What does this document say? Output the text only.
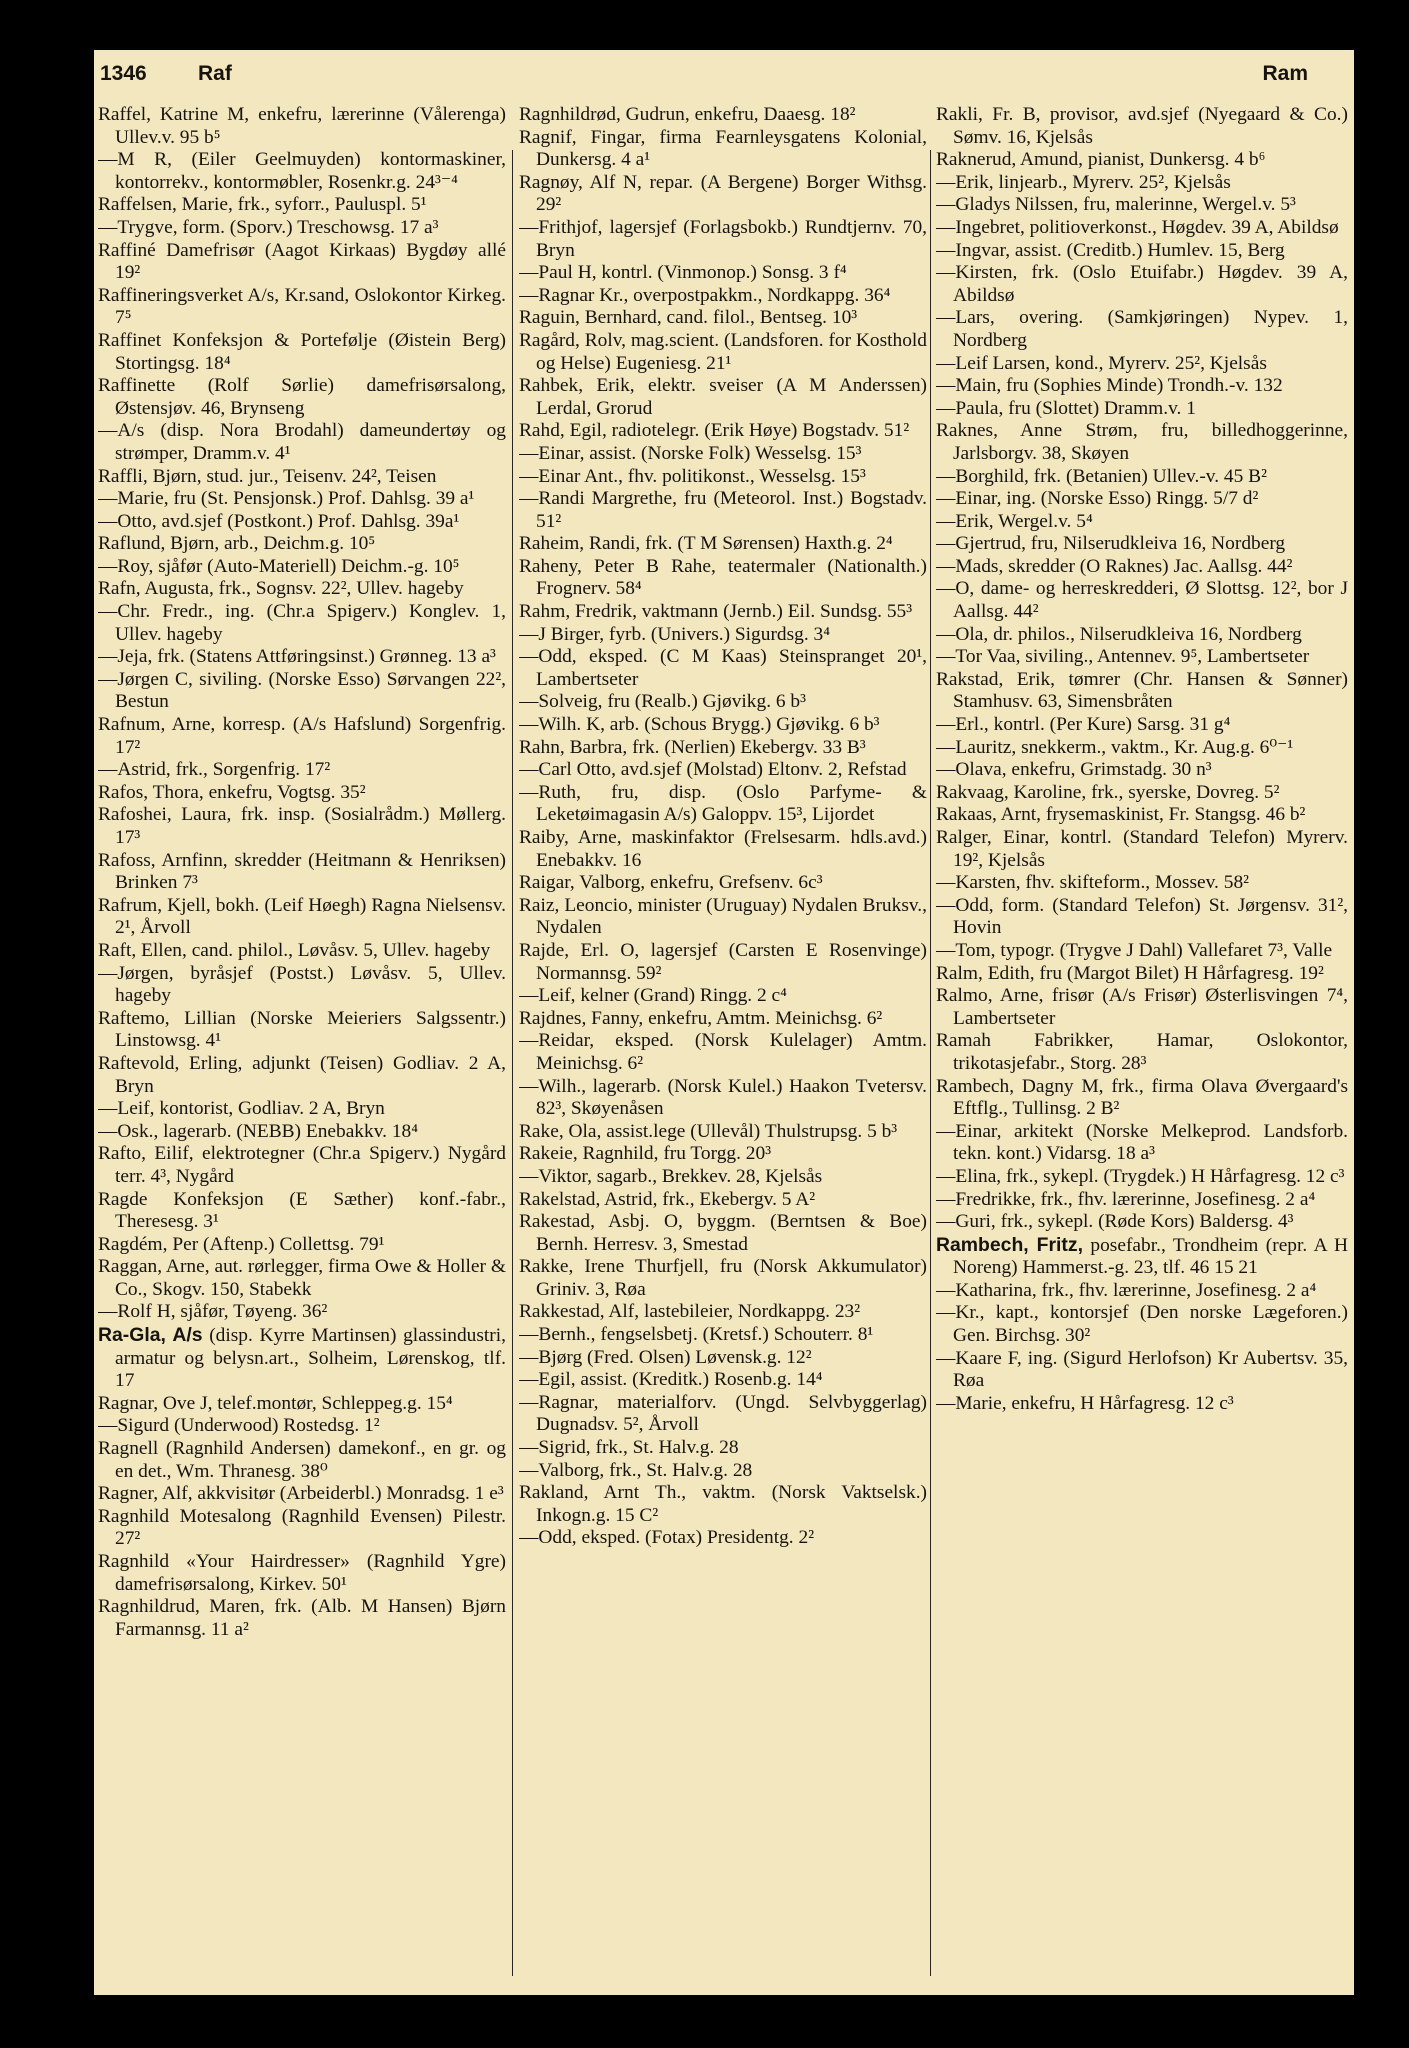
1346 Raf	Ram

Raffel, Katrine M, enkefru, lærerinne (Vålerenga) Ullev.v. 95 b⁵

—M R, (Eiler Geelmuyden) kontormaskiner, kontorrekv., kontormøbler, Rosenkr.g. 24³⁻⁴

Raffelsen, Marie, frk., syforr., Pauluspl. 5¹

—Trygve, form. (Sporv.) Treschowsg. 17 a³

Raffiné Damefrisør (Aagot Kirkaas) Bygdøy allé 19²

Raffineringsverket A/s, Kr.sand, Oslokontor Kirkeg. 7⁵

Raffinet Konfeksjon & Portefølje (Øistein Berg) Stortingsg. 18⁴

Raffinette (Rolf Sørlie) damefrisørsalong, Østensjøv. 46, Brynseng

—A/s (disp. Nora Brodahl) dameundertøy og strømper, Dramm.v. 4¹

Raffli, Bjørn, stud. jur., Teisenv. 24², Teisen

—Marie, fru (St. Pensjonsk.) Prof. Dahlsg. 39 a¹

—Otto, avd.sjef (Postkont.) Prof. Dahlsg. 39a¹

Raflund, Bjørn, arb., Deichm.g. 10⁵

—Roy, sjåfør (Auto-Materiell) Deichm.-g. 10⁵

Rafn, Augusta, frk., Sognsv. 22², Ullev. hageby

—Chr. Fredr., ing. (Chr.a Spigerv.) Konglev. 1, Ullev. hageby

—Jeja, frk. (Statens Attføringsinst.) Grønneg. 13 a³

—Jørgen C, siviling. (Norske Esso) Sørvangen 22², Bestun

Rafnum, Arne, korresp. (A/s Hafslund) Sorgenfrig. 17²

—Astrid, frk., Sorgenfrig. 17²

Rafos, Thora, enkefru, Vogtsg. 35²

Rafoshei, Laura, frk. insp. (Sosialrådm.) Møllerg. 17³

Rafoss, Arnfinn, skredder (Heitmann & Henriksen) Brinken 7³

Rafrum, Kjell, bokh. (Leif Høegh) Ragna Nielsensv. 2¹, Årvoll

Raft, Ellen, cand. philol., Løvåsv. 5, Ullev. hageby

—Jørgen, byråsjef (Postst.) Løvåsv. 5, Ullev. hageby

Raftemo, Lillian (Norske Meieriers Salgssentr.) Linstowsg. 4¹

Raftevold, Erling, adjunkt (Teisen) Godliav. 2 A, Bryn

—Leif, kontorist, Godliav. 2 A, Bryn

—Osk., lagerarb. (NEBB) Enebakkv. 18⁴

Rafto, Eilif, elektrotegner (Chr.a Spigerv.) Nygård terr. 4³, Nygård

Ragde Konfeksjon (E Sæther) konf.-fabr., Theresesg. 3¹

Ragdém, Per (Aftenp.) Collettsg. 79¹

Raggan, Arne, aut. rørlegger, firma Owe & Holler & Co., Skogv. 150, Stabekk

—Rolf H, sjåfør, Tøyeng. 36²

Ra-Gla, A/s (disp. Kyrre Martinsen) glassindustri, armatur og belysn.art., Solheim, Lørenskog, tlf. 17

Ragnar, Ove J, telef.montør, Schleppeg.g. 15⁴

—Sigurd (Underwood) Rostedsg. 1²

Ragnell (Ragnhild Andersen) damekonf., en gr. og en det., Wm. Thranesg. 38⁰

Ragner, Alf, akkvisitør (Arbeiderbl.) Monradsg. 1 e³

Ragnhild Motesalong (Ragnhild Evensen) Pilestr. 27²

Ragnhild «Your Hairdresser» (Ragnhild Ygre) damefrisørsalong, Kirkev. 50¹

Ragnhildrud, Maren, frk. (Alb. M Hansen) Bjørn Farmannsg. 11 a²

Ragnhildrød, Gudrun, enkefru, Daaesg. 18²

Ragnif, Fingar, firma Fearnleysgatens Kolonial, Dunkersg. 4 a¹

Ragnøy, Alf N, repar. (A Bergene) Borger Withsg. 29²

—Frithjof, lagersjef (Forlagsbokb.) Rundtjernv. 70, Bryn

—Paul H, kontrl. (Vinmonop.) Sonsg. 3 f⁴

—Ragnar Kr., overpostpakkm., Nordkappg. 36⁴

Raguin, Bernhard, cand. filol., Bentseg. 10³

Ragård, Rolv, mag.scient. (Landsforen. for Kosthold og Helse) Eugeniesg. 21¹

Rahbek, Erik, elektr. sveiser (A M Anderssen) Lerdal, Grorud

Rahd, Egil, radiotelegr. (Erik Høye) Bogstadv. 51²

—Einar, assist. (Norske Folk) Wesselsg. 15³

—Einar Ant., fhv. politikonst., Wesselsg. 15³

—Randi Margrethe, fru (Meteorol. Inst.) Bogstadv. 51²

Raheim, Randi, frk. (T M Sørensen) Haxth.g. 2⁴

Raheny, Peter B Rahe, teatermaler (Nationalth.) Frognerv. 58⁴

Rahm, Fredrik, vaktmann (Jernb.) Eil. Sundsg. 55³

—J Birger, fyrb. (Univers.) Sigurdsg. 3⁴

—Odd, eksped. (C M Kaas) Steinspranget 20¹, Lambertseter

—Solveig, fru (Realb.) Gjøvikg. 6 b³

—Wilh. K, arb. (Schous Brygg.) Gjøvikg. 6 b³

Rahn, Barbra, frk. (Nerlien) Ekebergv. 33 B³

—Carl Otto, avd.sjef (Molstad) Eltonv. 2, Refstad

—Ruth, fru, disp. (Oslo Parfyme- & Leketøimagasin A/s) Galoppv. 15³, Lijordet

Raiby, Arne, maskinfaktor (Frelsesarm. hdls.avd.) Enebakkv. 16

Raigar, Valborg, enkefru, Grefsenv. 6c³

Raiz, Leoncio, minister (Uruguay) Nydalen Bruksv., Nydalen

Rajde, Erl. O, lagersjef (Carsten E Rosenvinge) Normannsg. 59²

—Leif, kelner (Grand) Ringg. 2 c⁴

Rajdnes, Fanny, enkefru, Amtm. Meinichsg. 6²

—Reidar, eksped. (Norsk Kulelager) Amtm. Meinichsg. 6²

—Wilh., lagerarb. (Norsk Kulel.) Haakon Tvetersv. 82³, Skøyenåsen

Rake, Ola, assist.lege (Ullevål) Thulstrupsg. 5 b³

Rakeie, Ragnhild, fru Torgg. 20³

—Viktor, sagarb., Brekkev. 28, Kjelsås

Rakelstad, Astrid, frk., Ekebergv. 5 A²

Rakestad, Asbj. O, byggm. (Berntsen & Boe) Bernh. Herresv. 3, Smestad

Rakke, Irene Thurfjell, fru (Norsk Akkumulator) Griniv. 3, Røa

Rakkestad, Alf, lastebileier, Nordkappg. 23²

—Bernh., fengselsbetj. (Kretsf.) Schouterr. 8¹

—Bjørg (Fred. Olsen) Løvensk.g. 12²

—Egil, assist. (Kreditk.) Rosenb.g. 14⁴

—Ragnar, materialforv. (Ungd. Selvbyggerlag) Dugnadsv. 5², Årvoll

—Sigrid, frk., St. Halv.g. 28

—Valborg, frk., St. Halv.g. 28

Rakland, Arnt Th., vaktm. (Norsk Vaktselsk.) Inkogn.g. 15 C²

—Odd, eksped. (Fotax) Presidentg. 2²

Rakli, Fr. B, provisor, avd.sjef (Nyegaard & Co.) Sømv. 16, Kjelsås

Raknerud, Amund, pianist, Dunkersg. 4 b⁶

—Erik, linjearb., Myrerv. 25², Kjelsås

—Gladys Nilssen, fru, malerinne, Wergel.v. 5³

—Ingebret, politioverkonst., Høgdev. 39 A, Abildsø

—Ingvar, assist. (Creditb.) Humlev. 15, Berg

—Kirsten, frk. (Oslo Etuifabr.) Høgdev. 39 A, Abildsø

—Lars, overing. (Samkjøringen) Nypev. 1, Nordberg

—Leif Larsen, kond., Myrerv. 25², Kjelsås

—Main, fru (Sophies Minde) Trondh.-v. 132

—Paula, fru (Slottet) Dramm.v. 1

Raknes, Anne Strøm, fru, billedhoggerinne, Jarlsborgv. 38, Skøyen

—Borghild, frk. (Betanien) Ullev.-v. 45 B²

—Einar, ing. (Norske Esso) Ringg. 5/7 d²

—Erik, Wergel.v. 5⁴

—Gjertrud, fru, Nilserudkleiva 16, Nordberg

—Mads, skredder (O Raknes) Jac. Aallsg. 44²

—O, dame- og herreskredderi, Ø Slottsg. 12², bor J Aallsg. 44²

—Ola, dr. philos., Nilserudkleiva 16, Nordberg

—Tor Vaa, siviling., Antennev. 9⁵, Lambertseter

Rakstad, Erik, tømrer (Chr. Hansen & Sønner) Stamhusv. 63, Simensbråten

—Erl., kontrl. (Per Kure) Sarsg. 31 g⁴

—Lauritz, snekkerm., vaktm., Kr. Aug.g. 6⁰⁻¹

—Olava, enkefru, Grimstadg. 30 n³

Rakvaag, Karoline, frk., syerske, Dovreg. 5²

Rakaas, Arnt, frysemaskinist, Fr. Stangsg. 46 b²

Ralger, Einar, kontrl. (Standard Telefon) Myrerv. 19², Kjelsås

—Karsten, fhv. skifteform., Mossev. 58²

—Odd, form. (Standard Telefon) St. Jørgensv. 31², Hovin

—Tom, typogr. (Trygve J Dahl) Vallefaret 7³, Valle

Ralm, Edith, fru (Margot Bilet) H Hårfagresg. 19²

Ralmo, Arne, frisør (A/s Frisør) Østerlisvingen 7⁴, Lambertseter

Ramah Fabrikker, Hamar, Oslokontor, trikotasjefabr., Storg. 28³

Rambech, Dagny M, frk., firma Olava Øvergaard's Eftflg., Tullinsg. 2 B²

—Einar, arkitekt (Norske Melkeprod. Landsforb. tekn. kont.) Vidarsg. 18 a³

—Elina, frk., sykepl. (Trygdek.) H Hårfagresg. 12 c³

—Fredrikke, frk., fhv. lærerinne, Josefinesg. 2 a⁴

—Guri, frk., sykepl. (Røde Kors) Baldersg. 4³

Rambech, Fritz, posefabr., Trondheim (repr. A H Noreng) Hammerst.-g. 23, tlf. 46 15 21

—Katharina, frk., fhv. lærerinne, Josefinesg. 2 a⁴

—Kr., kapt., kontorsjef (Den norske Lægeforen.) Gen. Birchsg. 30²

—Kaare F, ing. (Sigurd Herlofson) Kr Aubertsv. 35, Røa

—Marie, enkefru, H Hårfagresg. 12 c³
